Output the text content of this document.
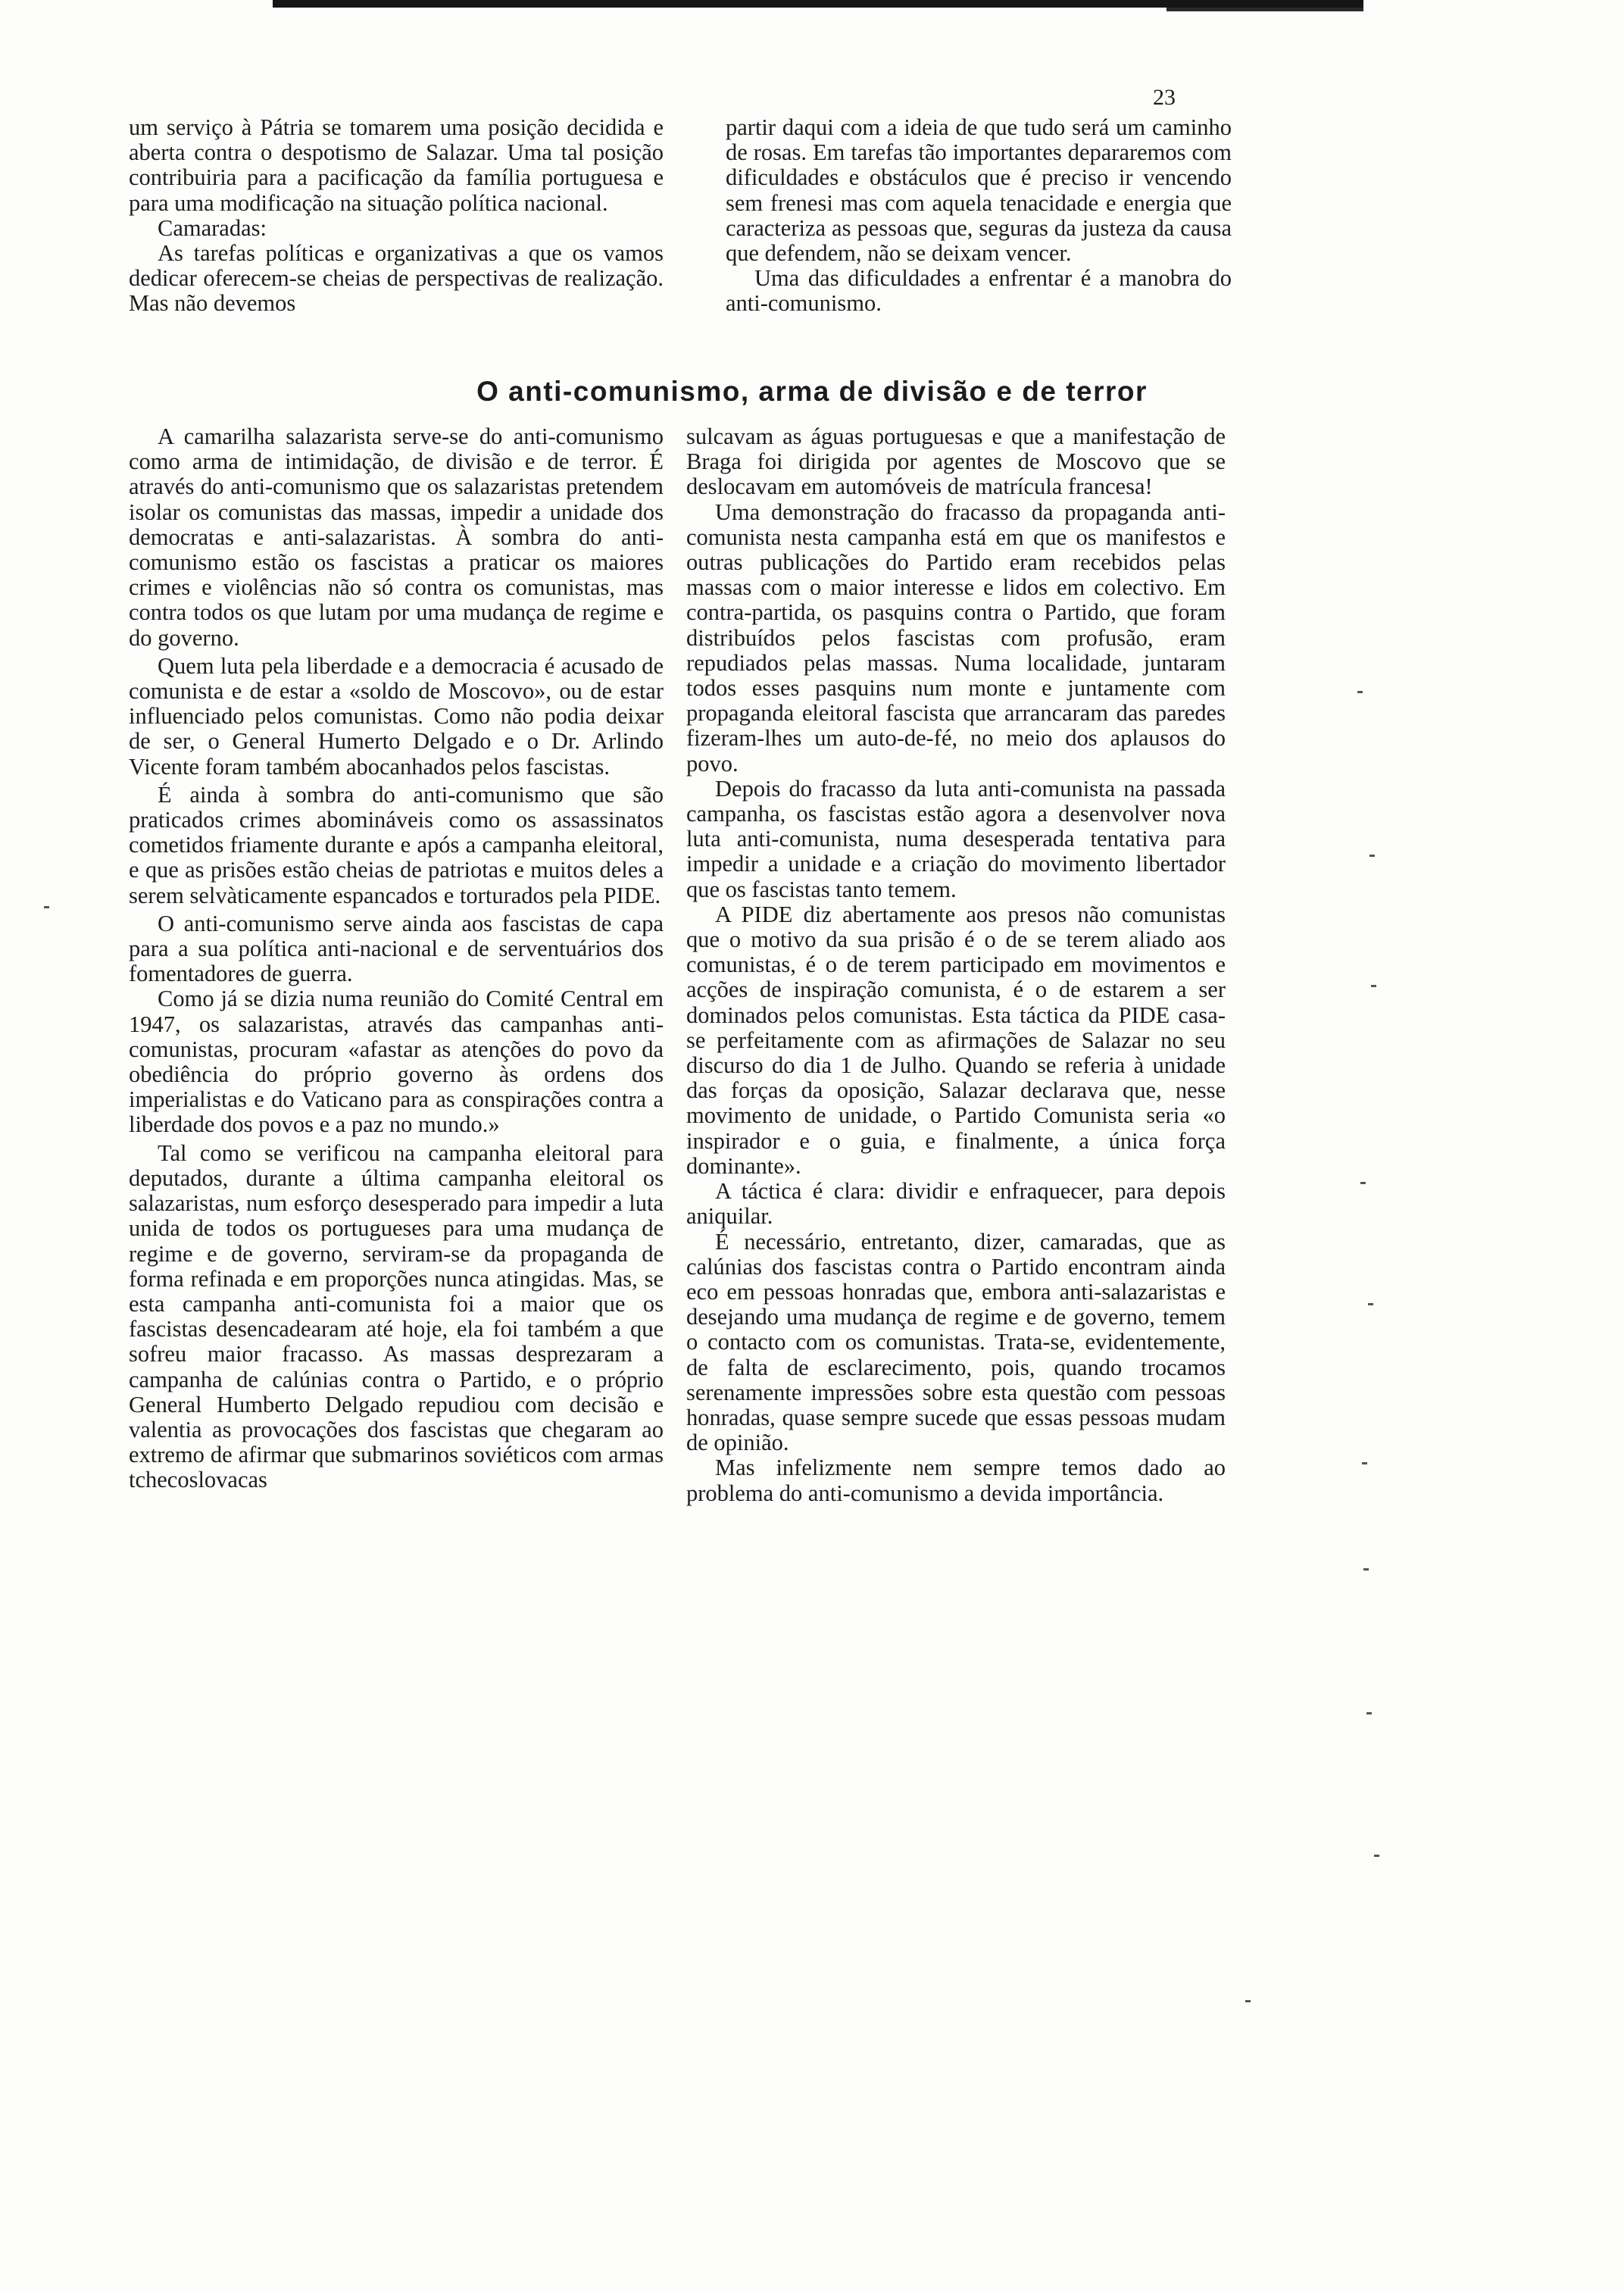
23

um serviço à Pátria se tomarem uma posição decidida e aberta contra o despotismo de Salazar. Uma tal posição contribuiria para a pacificação da família portuguesa e para uma modificação na situação política nacional.

Camaradas:

As tarefas políticas e organizativas a que os vamos dedicar oferecem-se cheias de perspectivas de realização. Mas não devemos

partir daqui com a ideia de que tudo será um caminho de rosas. Em tarefas tão importantes depararemos com dificuldades e obstáculos que é preciso ir vencendo sem frenesi mas com aquela tenacidade e energia que caracteriza as pessoas que, seguras da justeza da causa que defendem, não se deixam vencer.

Uma das dificuldades a enfrentar é a manobra do anti-comunismo.

O anti-comunismo, arma de divisão e de terror

A camarilha salazarista serve-se do anti-comunismo como arma de intimidação, de divisão e de terror. É através do anti-comunismo que os salazaristas pretendem isolar os comunistas das massas, impedir a unidade dos democratas e anti-salazaristas. À sombra do anti-comunismo estão os fascistas a praticar os maiores crimes e violências não só contra os comunistas, mas contra todos os que lutam por uma mudança de regime e do governo.

Quem luta pela liberdade e a democracia é acusado de comunista e de estar a «soldo de Moscovo», ou de estar influenciado pelos comunistas. Como não podia deixar de ser, o General Humerto Delgado e o Dr. Arlindo Vicente foram também abocanhados pelos fascistas.

É ainda à sombra do anti-comunismo que são praticados crimes abomináveis como os assassinatos cometidos friamente durante e após a campanha eleitoral, e que as prisões estão cheias de patriotas e muitos deles a serem selvàticamente espancados e torturados pela PIDE.

O anti-comunismo serve ainda aos fascistas de capa para a sua política anti-nacional e de serventuários dos fomentadores de guerra.

Como já se dizia numa reunião do Comité Central em 1947, os salazaristas, através das campanhas anti-comunistas, procuram «afastar as atenções do povo da obediência do próprio governo às ordens dos imperialistas e do Vaticano para as conspirações contra a liberdade dos povos e a paz no mundo.»

Tal como se verificou na campanha eleitoral para deputados, durante a última campanha eleitoral os salazaristas, num esforço desesperado para impedir a luta unida de todos os portugueses para uma mudança de regime e de governo, serviram-se da propaganda de forma refinada e em proporções nunca atingidas. Mas, se esta campanha anti-comunista foi a maior que os fascistas desencadearam até hoje, ela foi também a que sofreu maior fracasso. As massas desprezaram a campanha de calúnias contra o Partido, e o próprio General Humberto Delgado repudiou com decisão e valentia as provocações dos fascistas que chegaram ao extremo de afirmar que submarinos soviéticos com armas tchecoslovacas

sulcavam as águas portuguesas e que a manifestação de Braga foi dirigida por agentes de Moscovo que se deslocavam em automóveis de matrícula francesa!

Uma demonstração do fracasso da propaganda anti-comunista nesta campanha está em que os manifestos e outras publicações do Partido eram recebidos pelas massas com o maior interesse e lidos em colectivo. Em contra-partida, os pasquins contra o Partido, que foram distribuídos pelos fascistas com profusão, eram repudiados pelas massas. Numa localidade, juntaram todos esses pasquins num monte e juntamente com propaganda eleitoral fascista que arrancaram das paredes fizeram-lhes um auto-de-fé, no meio dos aplausos do povo.

Depois do fracasso da luta anti-comunista na passada campanha, os fascistas estão agora a desenvolver nova luta anti-comunista, numa desesperada tentativa para impedir a unidade e a criação do movimento libertador que os fascistas tanto temem.

A PIDE diz abertamente aos presos não comunistas que o motivo da sua prisão é o de se terem aliado aos comunistas, é o de terem participado em movimentos e acções de inspiração comunista, é o de estarem a ser dominados pelos comunistas. Esta táctica da PIDE casa-se perfeitamente com as afirmações de Salazar no seu discurso do dia 1 de Julho. Quando se referia à unidade das forças da oposição, Salazar declarava que, nesse movimento de unidade, o Partido Comunista seria «o inspirador e o guia, e finalmente, a única força dominante».

A táctica é clara: dividir e enfraquecer, para depois aniquilar.

É necessário, entretanto, dizer, camaradas, que as calúnias dos fascistas contra o Partido encontram ainda eco em pessoas honradas que, embora anti-salazaristas e desejando uma mudança de regime e de governo, temem o contacto com os comunistas. Trata-se, evidentemente, de falta de esclarecimento, pois, quando trocamos serenamente impressões sobre esta questão com pessoas honradas, quase sempre sucede que essas pessoas mudam de opinião.

Mas infelizmente nem sempre temos dado ao problema do anti-comunismo a devida importância.
